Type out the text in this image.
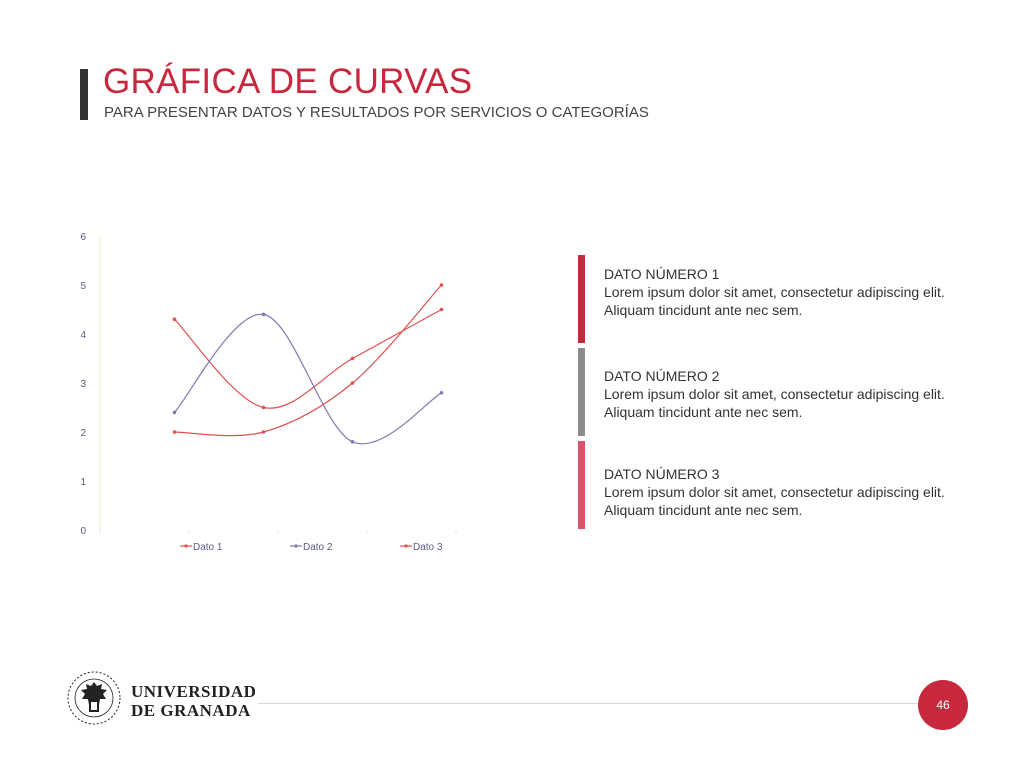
GRÁFICA DE CURVAS

PARA PRESENTAR DATOS Y RESULTADOS POR SERVICIOS O CATEGORÍAS

0
1
2
3
4
5
6
Dato 1	Dato 2	Dato 3
DATO NÚMERO 1
Lorem ipsum dolor sit amet, consectetur adipiscing elit. Aliquam tincidunt ante nec sem.
DATO NÚMERO 2
Lorem ipsum dolor sit amet, consectetur adipiscing elit. Aliquam tincidunt ante nec sem.
DATO NÚMERO 3
Lorem ipsum dolor sit amet, consectetur adipiscing elit. Aliquam tincidunt ante nec sem.
UNIVERSIDAD
DE GRANADA	46
